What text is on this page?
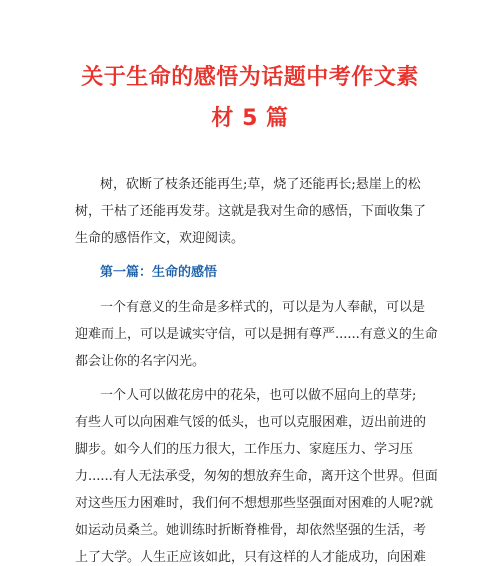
关于生命的感悟为话题中考作文素
材 5 篇

树，砍断了枝条还能再生;草，烧了还能再长;悬崖上的松

树，干枯了还能再发芽。这就是我对生命的感悟，下面收集了

生命的感悟作文，欢迎阅读。

第一篇：生命的感悟

一个有意义的生命是多样式的，可以是为人奉献，可以是

迎难而上，可以是诚实守信，可以是拥有尊严......有意义的生命

都会让你的名字闪光。

一个人可以做花房中的花朵，也可以做不屈向上的草芽;

有些人可以向困难气馁的低头，也可以克服困难，迈出前进的

脚步。如今人们的压力很大，工作压力、家庭压力、学习压

力......有人无法承受，匆匆的想放弃生命，离开这个世界。但面

对这些压力困难时，我们何不想想那些坚强面对困难的人呢?就

如运动员桑兰。她训练时折断脊椎骨，却依然坚强的生活，考

上了大学。人生正应该如此，只有这样的人才能成功，向困难
